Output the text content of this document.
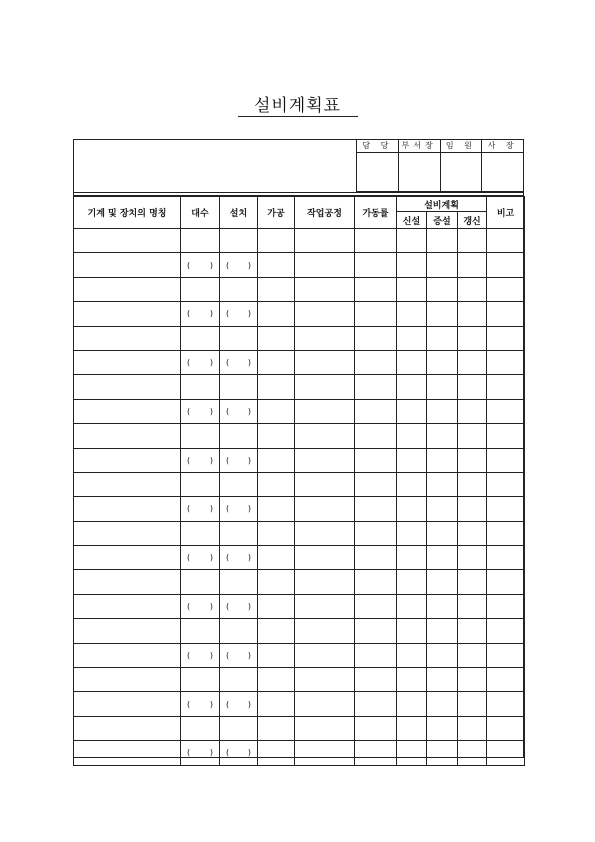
설비계획표
담 당	부서장	임 원	사 장

기계 및 장치의 명칭	대수	설치	가공	작업공정	가동률	설비계획			비고
						신설	증설	갱신	

	( )	( )							

	( )	( )							

	( )	( )							

	( )	( )							

	( )	( )							

	( )	( )							

	( )	( )							

	( )	( )							

	( )	( )							

	( )	( )							

	( )	( )							
